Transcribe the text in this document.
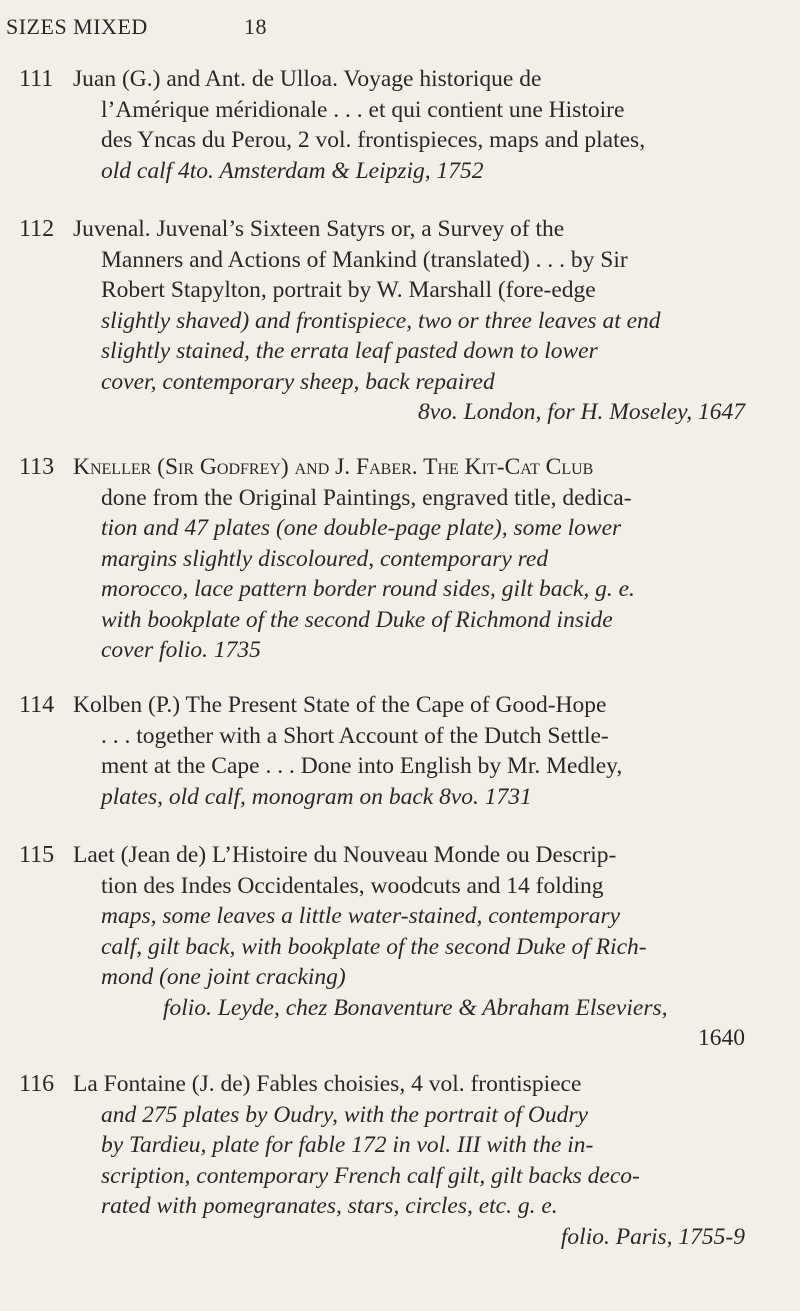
SIZES MIXED	18
111 Juan (G.) and Ant. de Ulloa. Voyage historique de
l’Amérique méridionale . . . et qui contient une Histoire
des Yncas du Perou, 2 vol. frontispieces, maps and plates,
old calf 4to. Amsterdam & Leipzig, 1752
112 Juvenal. Juvenal’s Sixteen Satyrs or, a Survey of the
Manners and Actions of Mankind (translated) . . . by Sir
Robert Stapylton, portrait by W. Marshall (fore-edge
slightly shaved) and frontispiece, two or three leaves at end
slightly stained, the errata leaf pasted down to lower
cover, contemporary sheep, back repaired
8vo. London, for H. Moseley, 1647
113 Kneller (Sir Godfrey) and J. Faber. The Kit-Cat Club
done from the Original Paintings, engraved title, dedica-
tion and 47 plates (one double-page plate), some lower
margins slightly discoloured, contemporary red
morocco, lace pattern border round sides, gilt back, g. e.
with bookplate of the second Duke of Richmond inside
cover folio. 1735
114 Kolben (P.) The Present State of the Cape of Good-Hope
. . . together with a Short Account of the Dutch Settle-
ment at the Cape . . . Done into English by Mr. Medley,
plates, old calf, monogram on back 8vo. 1731
115 Laet (Jean de) L’Histoire du Nouveau Monde ou Descrip-
tion des Indes Occidentales, woodcuts and 14 folding
maps, some leaves a little water-stained, contemporary
calf, gilt back, with bookplate of the second Duke of Rich-
mond (one joint cracking)
folio. Leyde, chez Bonaventure & Abraham Elseviers,
1640
116 La Fontaine (J. de) Fables choisies, 4 vol. frontispiece
and 275 plates by Oudry, with the portrait of Oudry
by Tardieu, plate for fable 172 in vol. III with the in-
scription, contemporary French calf gilt, gilt backs deco-
rated with pomegranates, stars, circles, etc. g. e.
folio. Paris, 1755-9
